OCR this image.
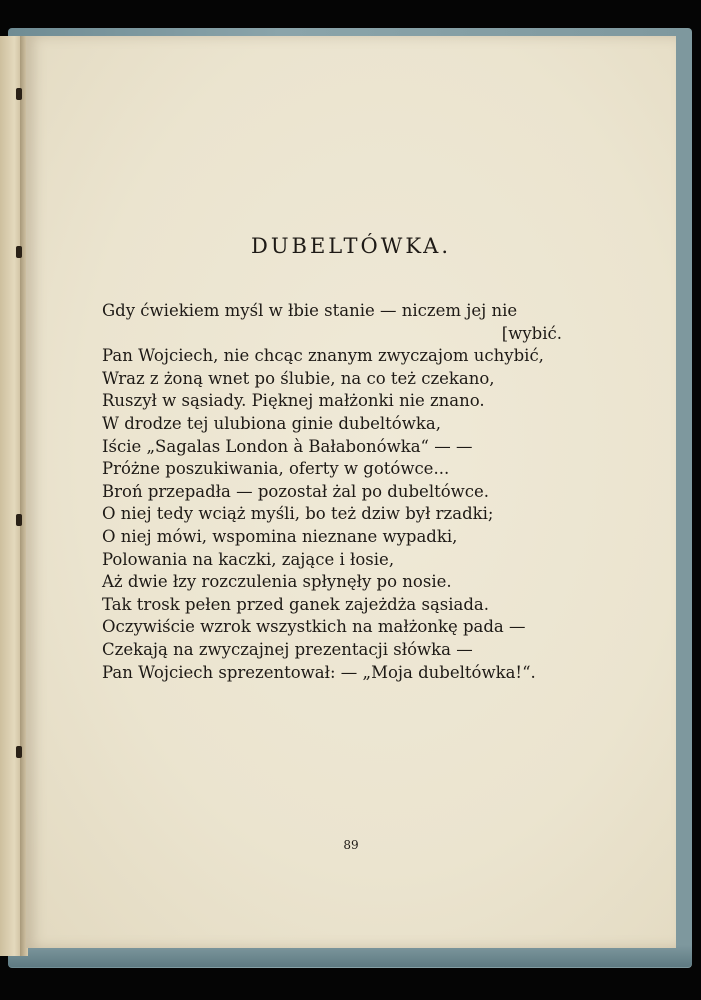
DUBELTÓWKA.
Gdy ćwiekiem myśl w łbie stanie — niczem jej nie
[wybić.
Pan Wojciech, nie chcąc znanym zwyczajom uchybić,
Wraz z żoną wnet po ślubie, na co też czekano,
Ruszył w sąsiady. Pięknej małżonki nie znano.
W drodze tej ulubiona ginie dubeltówka,
Iście „Sagalas London à Bałabonówka“ — —
Próżne poszukiwania, oferty w gotówce...
Broń przepadła — pozostał żal po dubeltówce.
O niej tedy wciąż myśli, bo też dziw był rzadki;
O niej mówi, wspomina nieznane wypadki,
Polowania na kaczki, zające i łosie,
Aż dwie łzy rozczulenia spłynęły po nosie.
Tak trosk pełen przed ganek zajeżdża sąsiada.
Oczywiście wzrok wszystkich na małżonkę pada —
Czekają na zwyczajnej prezentacji słówka —
Pan Wojciech sprezentował: — „Moja dubeltówka!“.
89
